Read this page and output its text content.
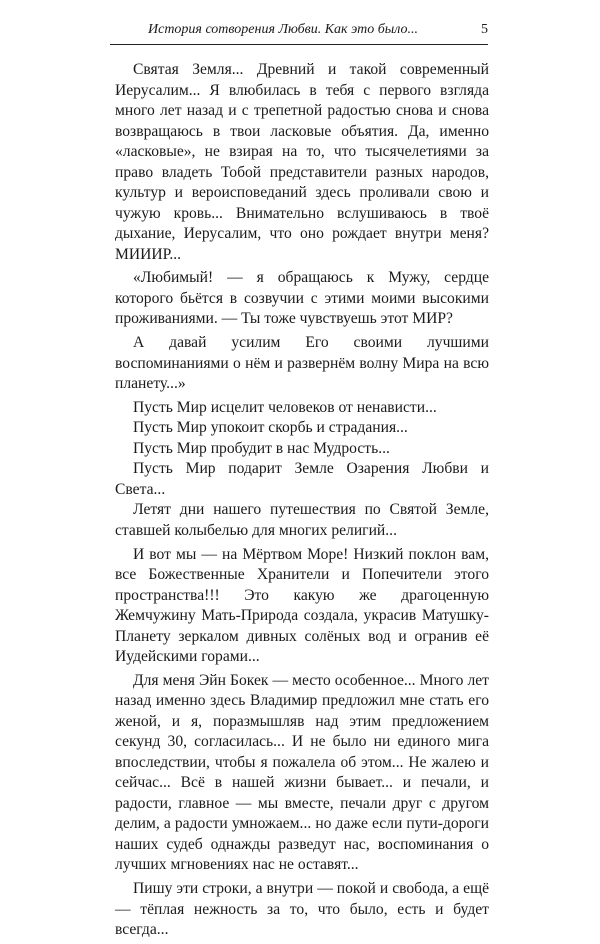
История сотворения Любви. Как это было...	5

Святая Земля... Древний и такой современный Иерусалим... Я влюбилась в тебя с первого взгляда много лет назад и с трепетной радостью снова и снова возвращаюсь в твои ласковые объятия. Да, именно «ласковые», не взирая на то, что тысячелетиями за право владеть Тобой представители разных народов, культур и вероисповеданий здесь проливали свою и чужую кровь... Внимательно вслушиваюсь в твоё дыхание, Иерусалим, что оно рождает внутри меня? МИИИР...

«Любимый! — я обращаюсь к Мужу, сердце которого бьётся в созвучии с этими моими высокими проживаниями. — Ты тоже чувствуешь этот МИР?

А давай усилим Его своими лучшими воспоминаниями о нём и развернём волну Мира на всю планету...»

Пусть Мир исцелит человеков от ненависти...

Пусть Мир упокоит скорбь и страдания...

Пусть Мир пробудит в нас Мудрость...

Пусть Мир подарит Земле Озарения Любви и Света...

Летят дни нашего путешествия по Святой Земле, ставшей колыбелью для многих религий...

И вот мы — на Мёртвом Море! Низкий поклон вам, все Божественные Хранители и Попечители этого пространства!!! Это какую же драгоценную Жемчужину Мать-Природа создала, украсив Матушку-Планету зеркалом дивных солёных вод и огранив её Иудейскими горами...

Для меня Эйн Бокек — место особенное... Много лет назад именно здесь Владимир предложил мне стать его женой, и я, поразмышляв над этим предложением секунд 30, согласилась... И не было ни единого мига впоследствии, чтобы я пожалела об этом... Не жалею и сейчас... Всё в нашей жизни бывает... и печали, и радости, главное — мы вместе, печали друг с другом делим, а радости умножаем... но даже если пути-дороги наших судеб однажды разведут нас, воспоминания о лучших мгновениях нас не оставят...

Пишу эти строки, а внутри — покой и свобода, а ещё — тёплая нежность за то, что было, есть и будет всегда...
